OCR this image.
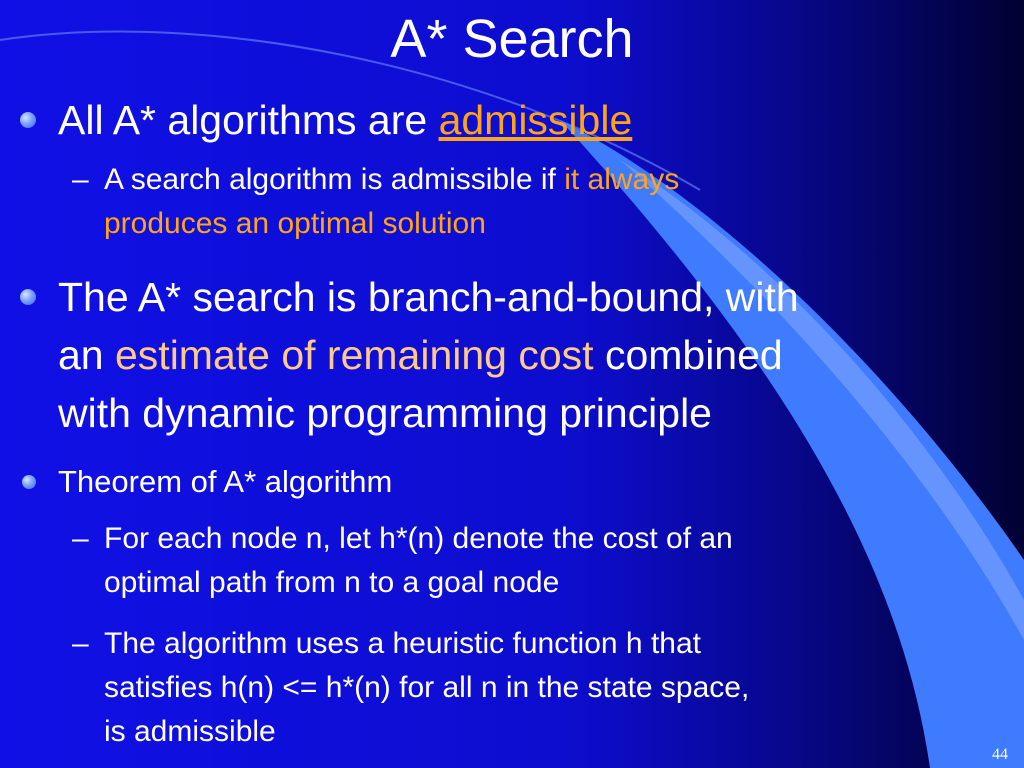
A* Search
All A* algorithms are admissible
– A search algorithm is admissible if it always
produces an optimal solution
The A* search is branch-and-bound, with
an estimate of remaining cost combined
with dynamic programming principle
Theorem of A* algorithm
– For each node n, let h*(n) denote the cost of an
optimal path from n to a goal node
– The algorithm uses a heuristic function h that
satisfies h(n) <= h*(n) for all n in the state space,
is admissible
44
